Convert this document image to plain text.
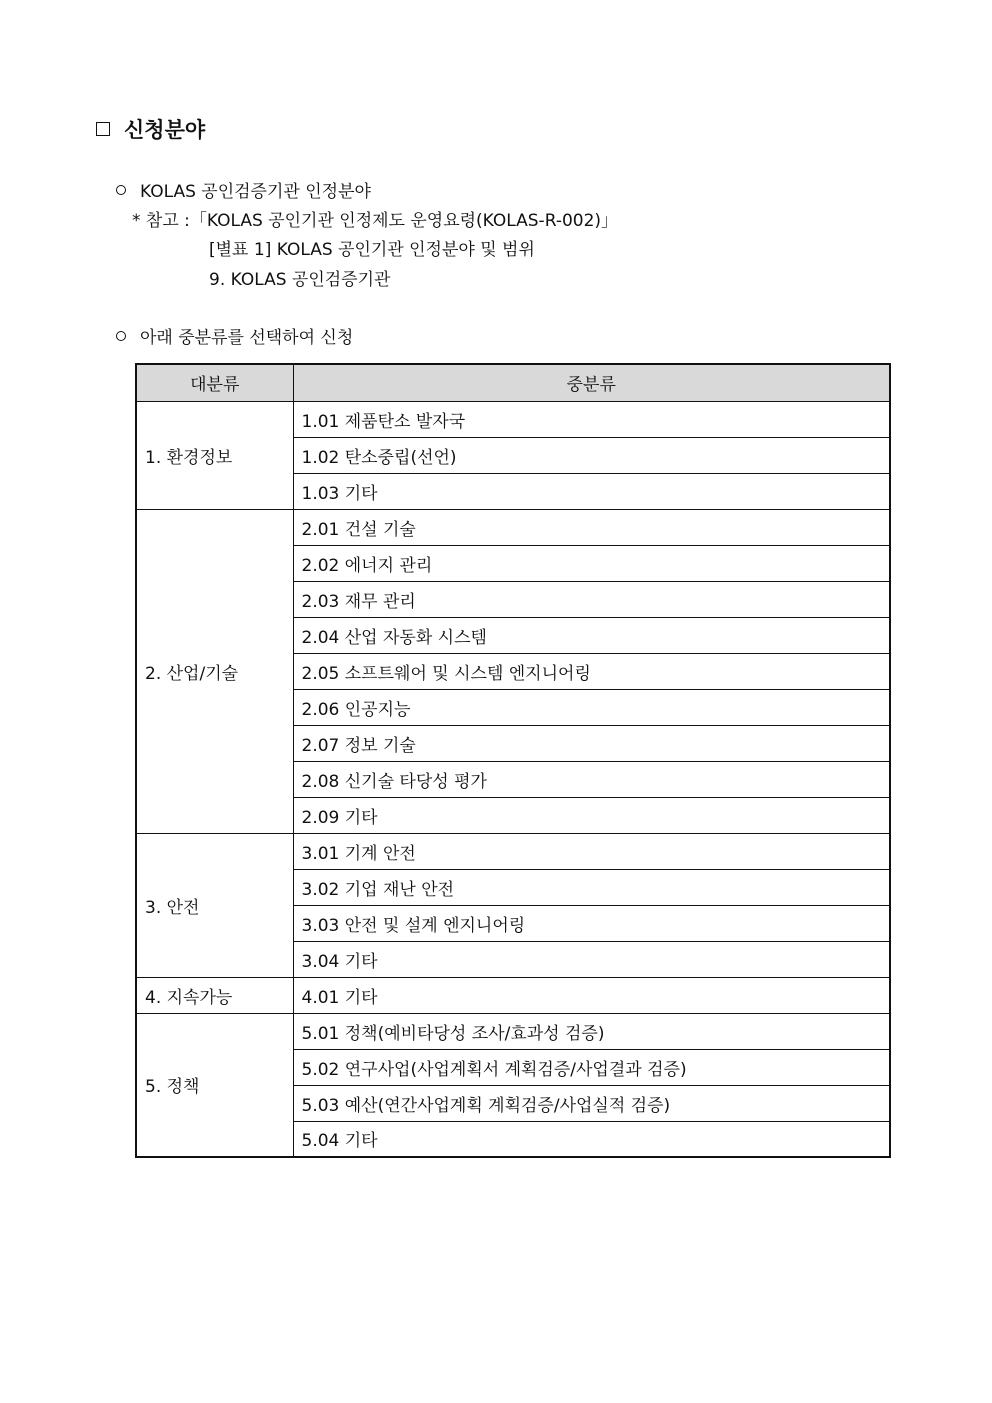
신청분야
KOLAS 공인검증기관 인정분야
* 참고 :「KOLAS 공인기관 인정제도 운영요령(KOLAS-R-002)」
[별표 1] KOLAS 공인기관 인정분야 및 범위
9. KOLAS 공인검증기관
아래 중분류를 선택하여 신청
대분류	중분류
1. 환경정보	1.01 제품탄소 발자국
	1.02 탄소중립(선언)
	1.03 기타
2. 산업/기술	2.01 건설 기술
	2.02 에너지 관리
	2.03 재무 관리
	2.04 산업 자동화 시스템
	2.05 소프트웨어 및 시스템 엔지니어링
	2.06 인공지능
	2.07 정보 기술
	2.08 신기술 타당성 평가
	2.09 기타
3. 안전	3.01 기계 안전
	3.02 기업 재난 안전
	3.03 안전 및 설계 엔지니어링
	3.04 기타
4. 지속가능	4.01 기타
5. 정책	5.01 정책(예비타당성 조사/효과성 검증)
	5.02 연구사업(사업계획서 계획검증/사업결과 검증)
	5.03 예산(연간사업계획 계획검증/사업실적 검증)
	5.04 기타
